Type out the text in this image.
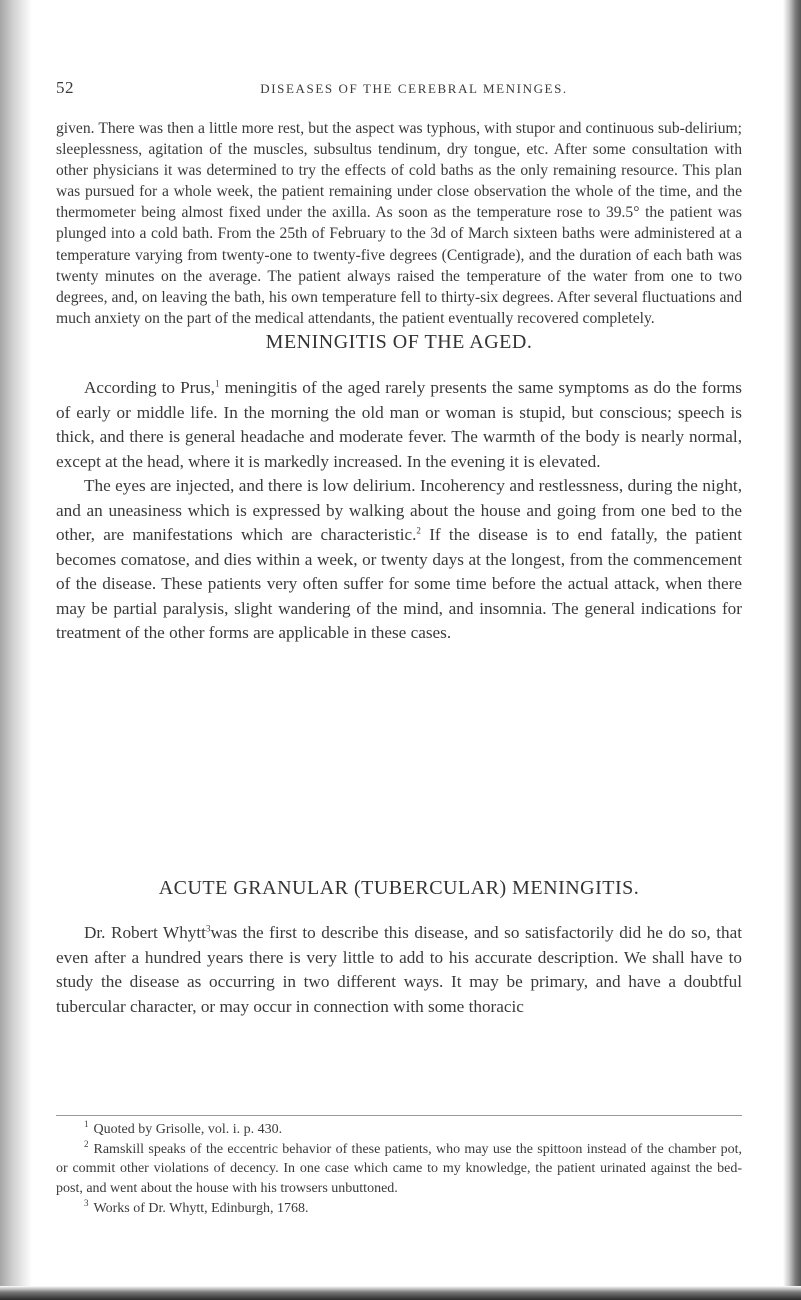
52	DISEASES OF THE CEREBRAL MENINGES.

given. There was then a little more rest, but the aspect was typhous, with stupor and continuous sub-delirium; sleeplessness, agitation of the muscles, subsultus tendinum, dry tongue, etc. After some consultation with other physicians it was determined to try the effects of cold baths as the only remaining resource. This plan was pursued for a whole week, the patient remaining under close observation the whole of the time, and the thermometer being almost fixed under the axilla. As soon as the temperature rose to 39.5° the patient was plunged into a cold bath. From the 25th of February to the 3d of March sixteen baths were administered at a temperature varying from twenty-one to twenty-five degrees (Centigrade), and the duration of each bath was twenty minutes on the average. The patient always raised the temperature of the water from one to two degrees, and, on leaving the bath, his own temperature fell to thirty-six degrees. After several fluctuations and much anxiety on the part of the medical attendants, the patient eventually recovered completely.

MENINGITIS OF THE AGED.

According to Prus,$^1$ meningitis of the aged rarely presents the same symptoms as do the forms of early or middle life. In the morning the old man or woman is stupid, but conscious; speech is thick, and there is general headache and moderate fever. The warmth of the body is nearly normal, except at the head, where it is markedly increased. In the evening it is elevated.

The eyes are injected, and there is low delirium. Incoherency and restlessness, during the night, and an uneasiness which is expressed by walking about the house and going from one bed to the other, are manifestations which are characteristic.$^2$ If the disease is to end fatally, the patient becomes comatose, and dies within a week, or twenty days at the longest, from the commencement of the disease. These patients very often suffer for some time before the actual attack, when there may be partial paralysis, slight wandering of the mind, and insomnia. The general indications for treatment of the other forms are applicable in these cases.

ACUTE GRANULAR (TUBERCULAR) MENINGITIS.

Dr. Robert Whytt$^3$was the first to describe this disease, and so satisfactorily did he do so, that even after a hundred years there is very little to add to his accurate description. We shall have to study the disease as occurring in two different ways. It may be primary, and have a doubtful tubercular character, or may occur in connection with some thoracic

$^1$ Quoted by Grisolle, vol. i. p. 430.

$^2$ Ramskill speaks of the eccentric behavior of these patients, who may use the spittoon instead of the chamber pot, or commit other violations of decency. In one case which came to my knowledge, the patient urinated against the bed-post, and went about the house with his trowsers unbuttoned.

$^3$ Works of Dr. Whytt, Edinburgh, 1768.
